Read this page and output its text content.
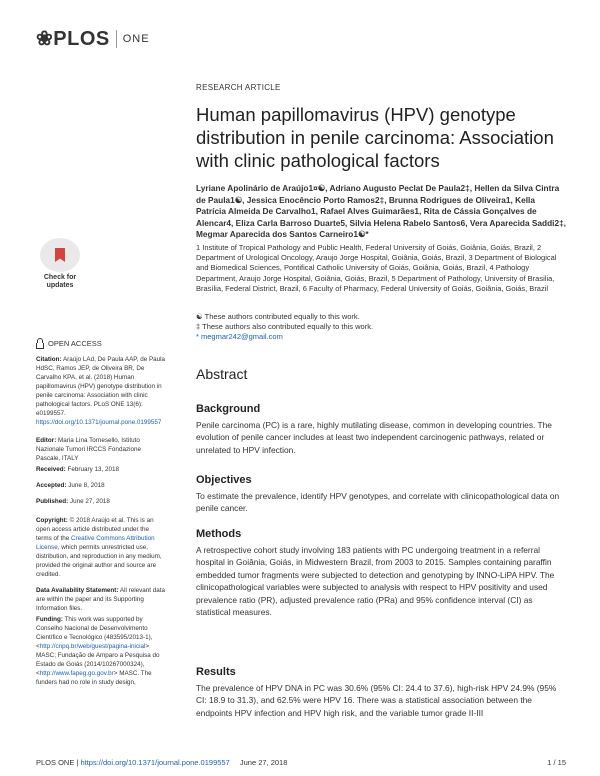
❀PLOS ONE
RESEARCH ARTICLE
Human papillomavirus (HPV) genotype distribution in penile carcinoma: Association with clinic pathological factors
Lyriane Apolinário de Araújo1¤☯, Adriano Augusto Peclat De Paula2‡, Hellen da Silva Cintra de Paula1☯, Jessica Enocêncio Porto Ramos2‡, Brunna Rodrigues de Oliveira1, Kella Patrícia Almeida De Carvalho1, Rafael Alves Guimarães1, Rita de Cássia Gonçalves de Alencar4, Eliza Carla Barroso Duarte5, Silvia Helena Rabelo Santos6, Vera Aparecida Saddi2‡, Megmar Aparecida dos Santos Carneiro1☯*
1 Institute of Tropical Pathology and Public Health, Federal University of Goiás, Goiânia, Goiás, Brazil, 2 Department of Urological Oncology, Araujo Jorge Hospital, Goiânia, Goiás, Brazil, 3 Department of Biological and Biomedical Sciences, Pontifical Catholic University of Goiás, Goiânia, Goiás, Brazil, 4 Pathology Department, Araujo Jorge Hospital, Goiânia, Goiás, Brazil, 5 Department of Pathology, University of Brasilia, Brasília, Federal District, Brazil, 6 Faculty of Pharmacy, Federal University of Goiás, Goiânia, Goiás, Brazil
☯ These authors contributed equally to this work.
‡ These authors also contributed equally to this work.
* megmar242@gmail.com
Abstract
Background

Penile carcinoma (PC) is a rare, highly mutilating disease, common in developing countries. The evolution of penile cancer includes at least two independent carcinogenic pathways, related or unrelated to HPV infection.

Objectives

To estimate the prevalence, identify HPV genotypes, and correlate with clinicopathological data on penile cancer.

Methods

A retrospective cohort study involving 183 patients with PC undergoing treatment in a referral hospital in Goiânia, Goiás, in Midwestern Brazil, from 2003 to 2015. Samples containing paraffin embedded tumor fragments were subjected to detection and genotyping by INNO-LiPA HPV. The clinicopathological variables were subjected to analysis with respect to HPV positivity and used prevalence ratio (PR), adjusted prevalence ratio (PRa) and 95% confidence interval (CI) as statistical measures.

Results

The prevalence of HPV DNA in PC was 30.6% (95% CI: 24.4 to 37.6), high-risk HPV 24.9% (95% CI: 18.9 to 31.3), and 62.5% were HPV 16. There was a statistical association between the endpoints HPV infection and HPV high risk, and the variable tumor grade II-III

Check for
updates
OPEN ACCESS
Citation: Araújo LAd, De Paula AAP, de Paula HdSC, Ramos JEP, de Oliveira BR, De Carvalho KPA, et al. (2018) Human papillomavirus (HPV) genotype distribution in penile carcinoma: Association with clinic pathological factors. PLoS ONE 13(6): e0199557. https://doi.org/10.1371/journal.pone.0199557
Editor: Maria Lina Tornesello, Istituto Nazionale Tumori IRCCS Fondazione Pascale, ITALY
Received: February 13, 2018
Accepted: June 8, 2018
Published: June 27, 2018
Copyright: © 2018 Araújo et al. This is an open access article distributed under the terms of the Creative Commons Attribution License, which permits unrestricted use, distribution, and reproduction in any medium, provided the original author and source are credited.
Data Availability Statement: All relevant data are within the paper and its Supporting Information files.
Funding: This work was supported by Conselho Nacional de Desenvolvimento Científico e Tecnológico (483595/2013-1), <http://cnpq.br/web/guest/pagina-inicial> MASC; Fundação de Amparo a Pesquisa do Estado de Goiás (2014/10267000324), <http://www.fapeg.go.gov.br> MASC. The funders had no role in study design,
PLOS ONE | https://doi.org/10.1371/journal.pone.0199557 June 27, 2018	1 / 15
